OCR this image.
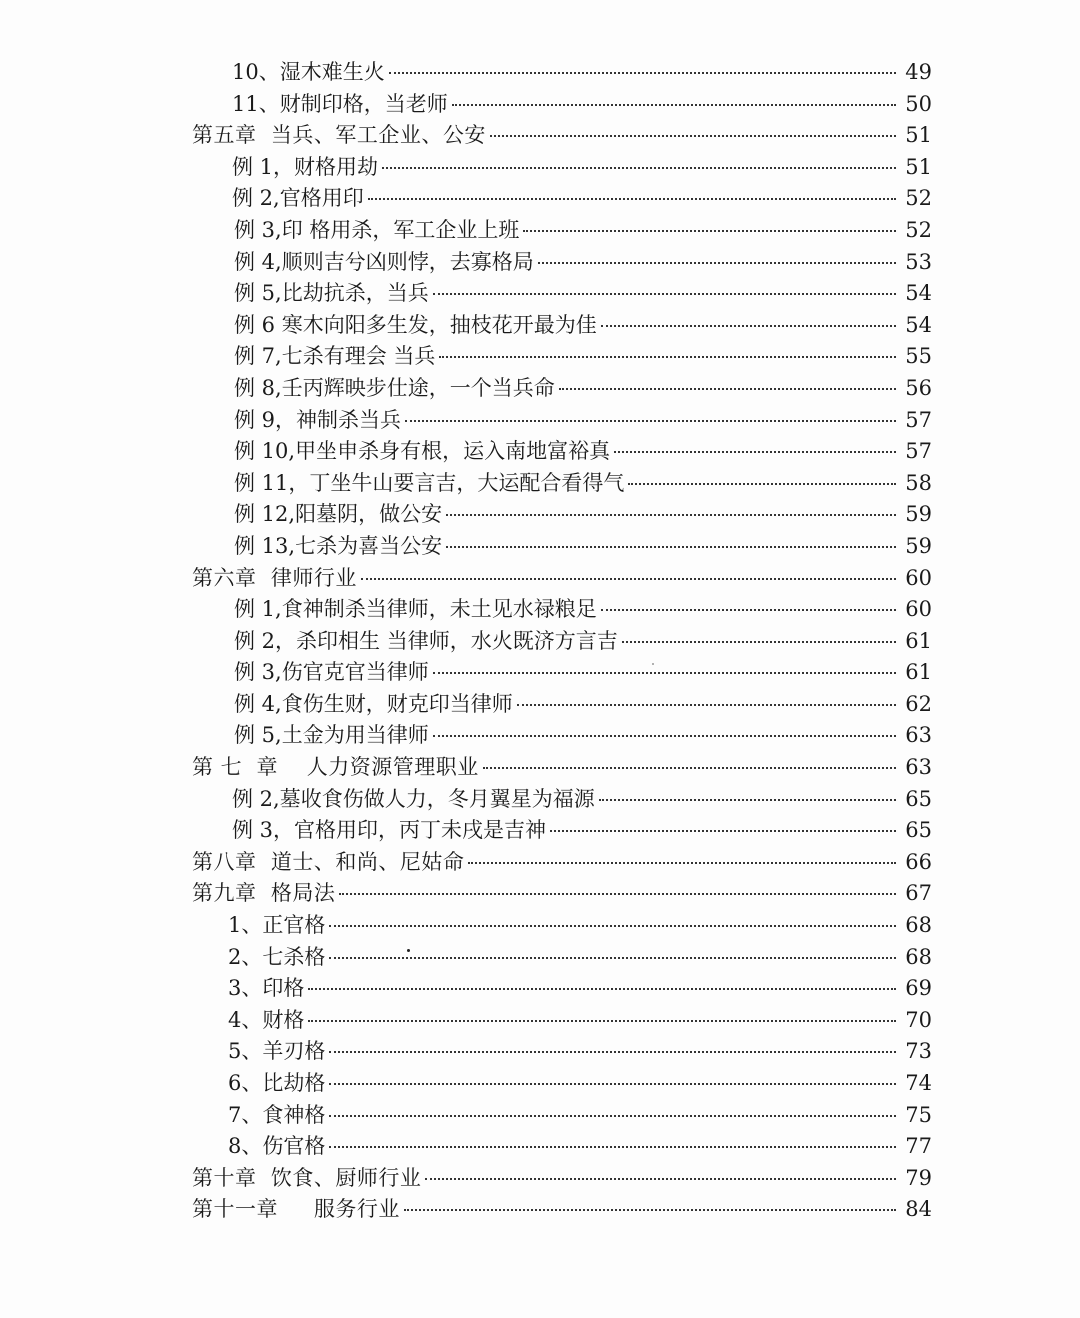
10、湿木难生火	49
11、财制印格，当老师	50
第五章  当兵、军工企业、公安	51
例 1，财格用劫	51
例 2,官格用印	52
例 3,印 格用杀，军工企业上班	52
例 4,顺则吉兮凶则悖，去寡格局	53
例 5,比劫抗杀，当兵	54
例 6 寒木向阳多生发，抽枝花开最为佳	54
例 7,七杀有理会 当兵	55
例 8,壬丙辉映步仕途，一个当兵命	56
例 9，神制杀当兵	57
例 10,甲坐申杀身有根，运入南地富裕真	57
例 11，丁坐牛山要言吉，大运配合看得气	58
例 12,阳墓阴，做公安	59
例 13,七杀为喜当公安	59
第六章  律师行业	60
例 1,食神制杀当律师，未土见水禄粮足	60
例 2，杀印相生 当律师，水火既济方言吉	61
例 3,伤官克官当律师	61
例 4,食伤生财，财克印当律师	62
例 5,土金为用当律师	63
第 七  章    人力资源管理职业	63
例 2,墓收食伤做人力，冬月翼星为福源	65
例 3，官格用印，丙丁未戌是吉神	65
第八章  道士、和尚、尼姑命	66
第九章  格局法	67
1、正官格	68
2、七杀格	68
3、印格	69
4、财格	70
5、羊刃格	73
6、比劫格	74
7、食神格	75
8、伤官格	77
第十章  饮食、厨师行业	79
第十一章     服务行业	84
